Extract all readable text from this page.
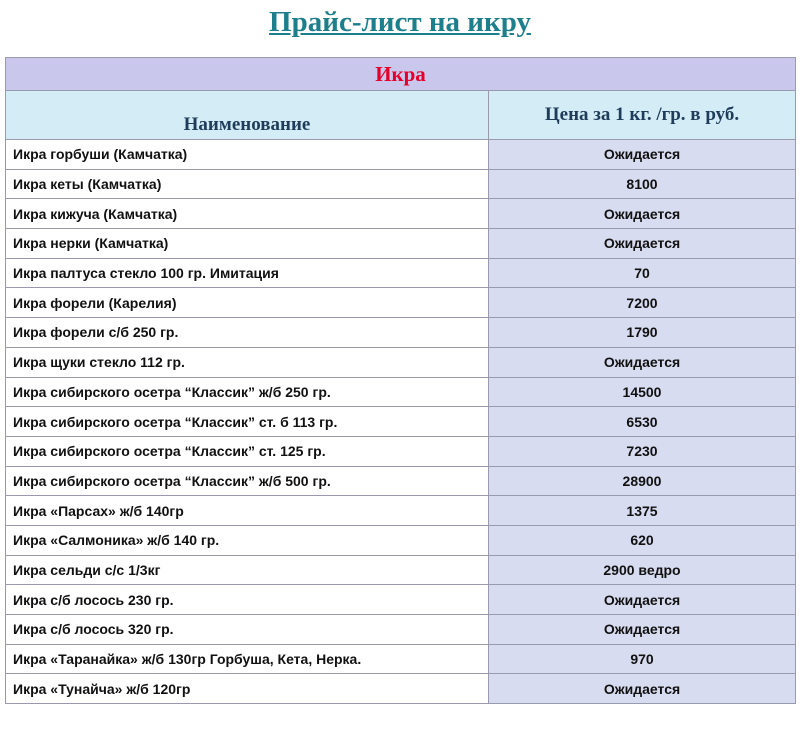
Прайс-лист на икру
Икра	
Наименование	Цена за 1 кг. /гр. в руб.
Икра горбуши (Камчатка)	Ожидается
Икра кеты (Камчатка)	8100
Икра кижуча (Камчатка)	Ожидается
Икра нерки (Камчатка)	Ожидается
Икра палтуса стекло 100 гр. Имитация	70
Икра форели (Карелия)	7200
Икра форели с/б 250 гр.	1790
Икра щуки стекло 112 гр.	Ожидается
Икра сибирского осетра “Классик” ж/б 250 гр.	14500
Икра сибирского осетра “Классик” ст. б 113 гр.	6530
Икра сибирского осетра “Классик” ст. 125 гр.	7230
Икра сибирского осетра “Классик” ж/б 500 гр.	28900
Икра «Парсах» ж/б 140гр	1375
Икра «Салмоника» ж/б 140 гр.	620
Икра сельди с/с 1/3кг	2900 ведро
Икра с/б лосось 230 гр.	Ожидается
Икра с/б лосось 320 гр.	Ожидается
Икра «Таранайка» ж/б 130гр Горбуша, Кета, Нерка.	970
Икра «Тунайча» ж/б 120гр	Ожидается
